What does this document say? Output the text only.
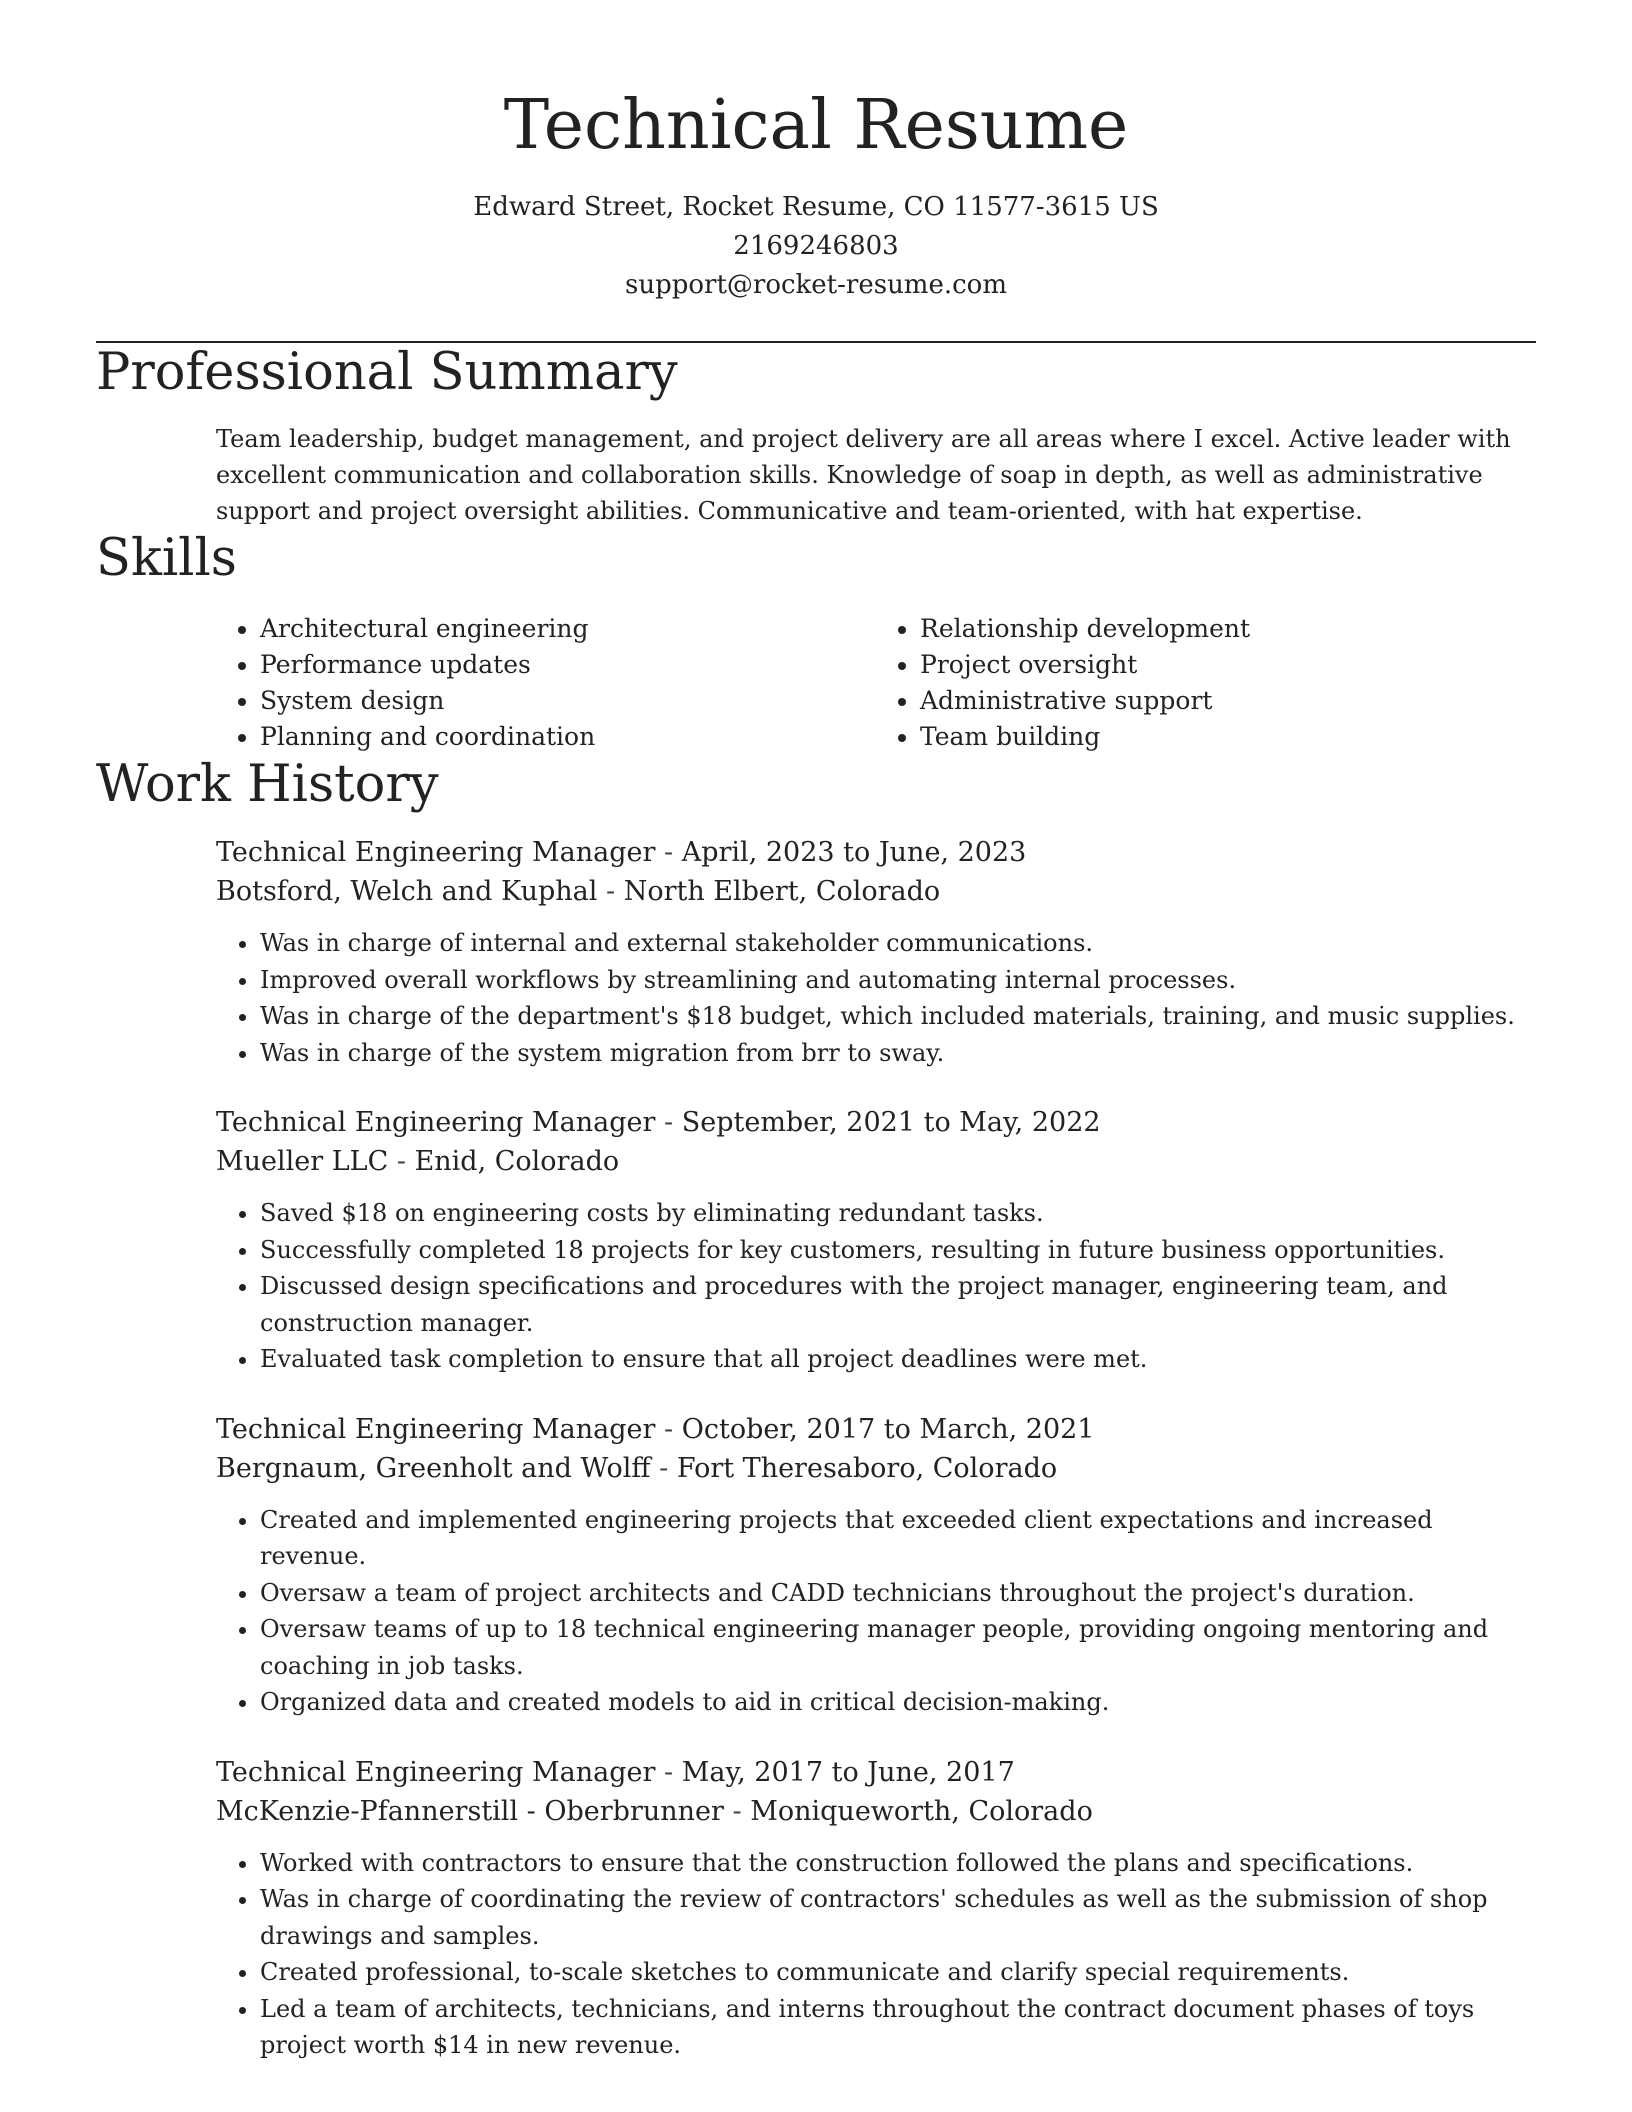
Technical Resume
Edward Street, Rocket Resume, CO 11577-3615 US
2169246803
support@rocket-resume.com
Professional Summary

Team leadership, budget management, and project delivery are all areas where I excel. Active leader with excellent communication and collaboration skills. Knowledge of soap in depth, as well as administrative support and project oversight abilities. Communicative and team-oriented, with hat expertise.

Skills
• Architectural engineering
• Performance updates
• System design
• Planning and coordination
• Relationship development
• Project oversight
• Administrative support
• Team building
Work History
Technical Engineering Manager - April, 2023 to June, 2023
Botsford, Welch and Kuphal - North Elbert, Colorado
• Was in charge of internal and external stakeholder communications.
• Improved overall workflows by streamlining and automating internal processes.
• Was in charge of the department's $18 budget, which included materials, training, and music supplies.
• Was in charge of the system migration from brr to sway.
Technical Engineering Manager - September, 2021 to May, 2022
Mueller LLC - Enid, Colorado
• Saved $18 on engineering costs by eliminating redundant tasks.
• Successfully completed 18 projects for key customers, resulting in future business opportunities.
• Discussed design specifications and procedures with the project manager, engineering team, and construction manager.
• Evaluated task completion to ensure that all project deadlines were met.
Technical Engineering Manager - October, 2017 to March, 2021
Bergnaum, Greenholt and Wolff - Fort Theresaboro, Colorado
• Created and implemented engineering projects that exceeded client expectations and increased revenue.
• Oversaw a team of project architects and CADD technicians throughout the project's duration.
• Oversaw teams of up to 18 technical engineering manager people, providing ongoing mentoring and coaching in job tasks.
• Organized data and created models to aid in critical decision-making.
Technical Engineering Manager - May, 2017 to June, 2017
McKenzie-Pfannerstill - Oberbrunner - Moniqueworth, Colorado
• Worked with contractors to ensure that the construction followed the plans and specifications.
• Was in charge of coordinating the review of contractors' schedules as well as the submission of shop drawings and samples.
• Created professional, to-scale sketches to communicate and clarify special requirements.
• Led a team of architects, technicians, and interns throughout the contract document phases of toys project worth $14 in new revenue.
